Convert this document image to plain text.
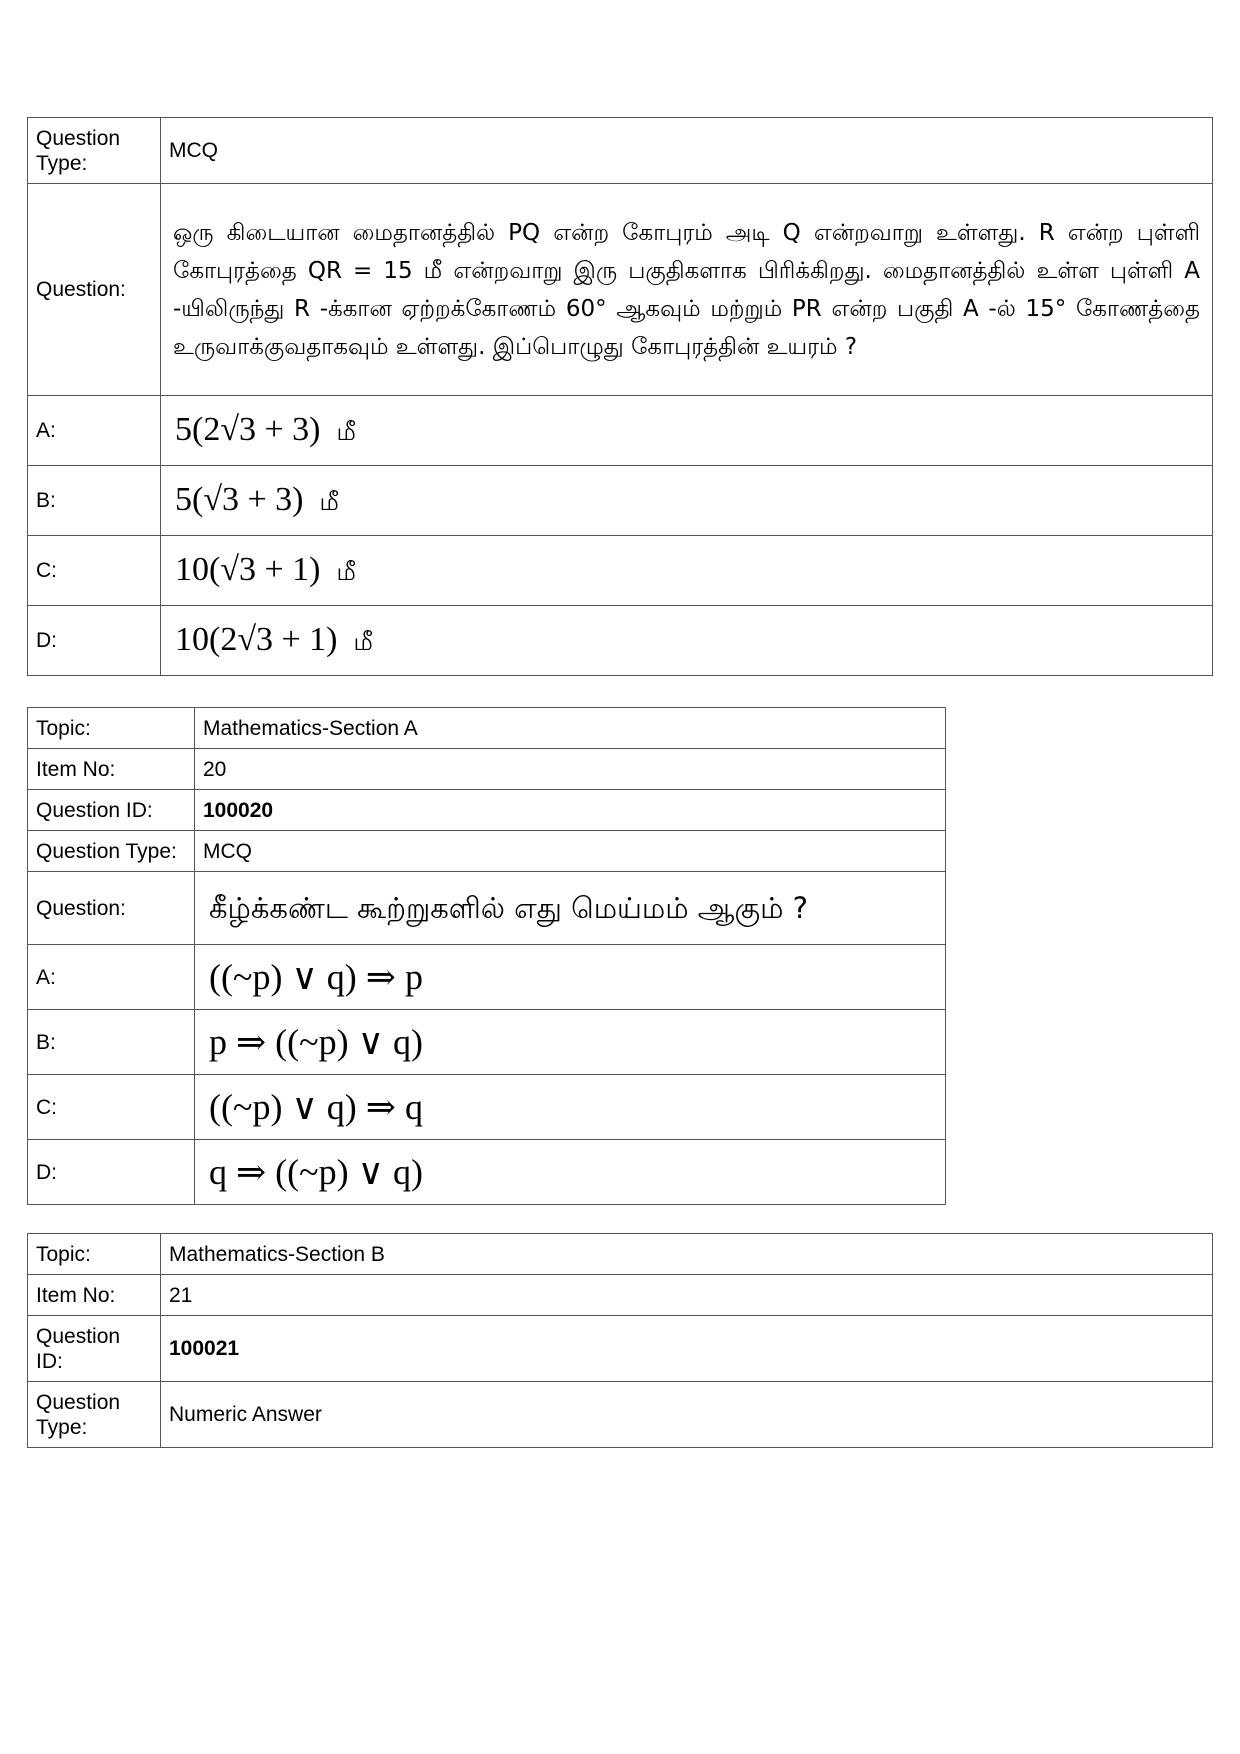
Question Type:	MCQ
Question:	ஒரு கிடையான மைதானத்தில் PQ என்ற கோபுரம் அடி Q என்றவாறு உள்ளது. R என்ற புள்ளி கோபுரத்தை QR = 15 மீ என்றவாறு இரு பகுதிகளாக பிரிக்கிறது. மைதானத்தில் உள்ள புள்ளி A -யிலிருந்து R -க்கான ஏற்றக்கோணம் 60° ஆகவும் மற்றும் PR என்ற பகுதி A -ல் 15° கோணத்தை உருவாக்குவதாகவும் உள்ளது. இப்பொழுது கோபுரத்தின் உயரம் ?
A:	5(2√3 + 3) மீ
B:	5(√3 + 3) மீ
C:	10(√3 + 1) மீ
D:	10(2√3 + 1) மீ
Topic:	Mathematics-Section A
Item No:	20
Question ID:	100020
Question Type:	MCQ
Question:	கீழ்க்கண்ட கூற்றுகளில் எது மெய்மம் ஆகும் ?
A:	((~p) ∨ q) ⇒ p
B:	p ⇒ ((~p) ∨ q)
C:	((~p) ∨ q) ⇒ q
D:	q ⇒ ((~p) ∨ q)
Topic:	Mathematics-Section B
Item No:	21
Question ID:	100021
Question Type:	Numeric Answer
